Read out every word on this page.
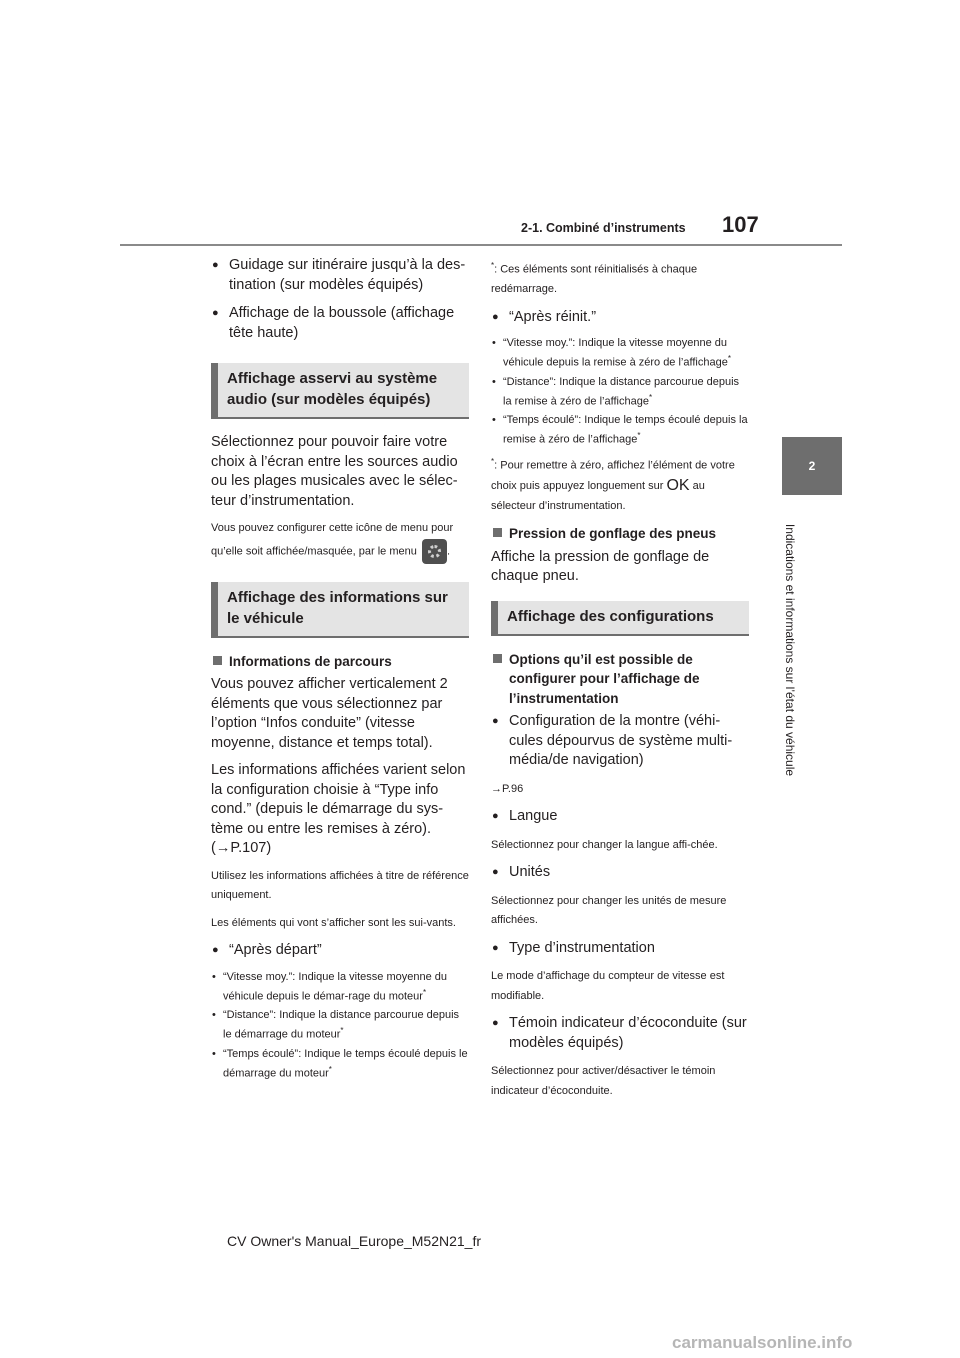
2-1. Combiné d’instruments 107
2
Indications et informations sur l’état du véhicule
● Guidage sur itinéraire jusqu’à la des-tination (sur modèles équipés)
● Affichage de la boussole (affichage tête haute)
Affichage asservi au système audio (sur modèles équipés)
Sélectionnez pour pouvoir faire votre choix à l’écran entre les sources audio ou les plages musicales avec le sélec-teur d’instrumentation.
Vous pouvez configurer cette icône de menu pour qu’elle soit affichée/masquée, par le menu	.
Affichage des informations sur le véhicule
Informations de parcours
Vous pouvez afficher verticalement 2 éléments que vous sélectionnez par l’option “Infos conduite” (vitesse moyenne, distance et temps total).
Les informations affichées varient selon la configuration choisie à “Type info cond.” (depuis le démarrage du sys-tème ou entre les remises à zéro). (→P.107)
Utilisez les informations affichées à titre de référence uniquement.
Les éléments qui vont s’afficher sont les sui-vants.
● “Après départ”
• “Vitesse moy.”: Indique la vitesse moyenne du véhicule depuis le démar-rage du moteur*
• “Distance”: Indique la distance parcourue depuis le démarrage du moteur*
• “Temps écoulé”: Indique le temps écoulé depuis le démarrage du moteur*
*: Ces éléments sont réinitialisés à chaque redémarrage.
● “Après réinit.”
• “Vitesse moy.”: Indique la vitesse moyenne du véhicule depuis la remise à zéro de l’affichage*
• “Distance”: Indique la distance parcourue depuis la remise à zéro de l’affichage*
• “Temps écoulé”: Indique le temps écoulé depuis la remise à zéro de l’affichage*
*: Pour remettre à zéro, affichez l’élément de votre choix puis appuyez longuement sur OK au sélecteur d’instrumentation.
Pression de gonflage des pneus
Affiche la pression de gonflage de chaque pneu.
Affichage des configurations
Options qu’il est possible de configurer pour l’affichage de l’instrumentation
● Configuration de la montre (véhi-cules dépourvus de système multi-média/de navigation)
→P.96
● Langue
Sélectionnez pour changer la langue affi-chée.
● Unités
Sélectionnez pour changer les unités de mesure affichées.
● Type d’instrumentation
Le mode d’affichage du compteur de vitesse est modifiable.
● Témoin indicateur d’écoconduite (sur modèles équipés)
Sélectionnez pour activer/désactiver le témoin indicateur d’écoconduite.
CV Owner's Manual_Europe_M52N21_fr
carmanualsonline.info
